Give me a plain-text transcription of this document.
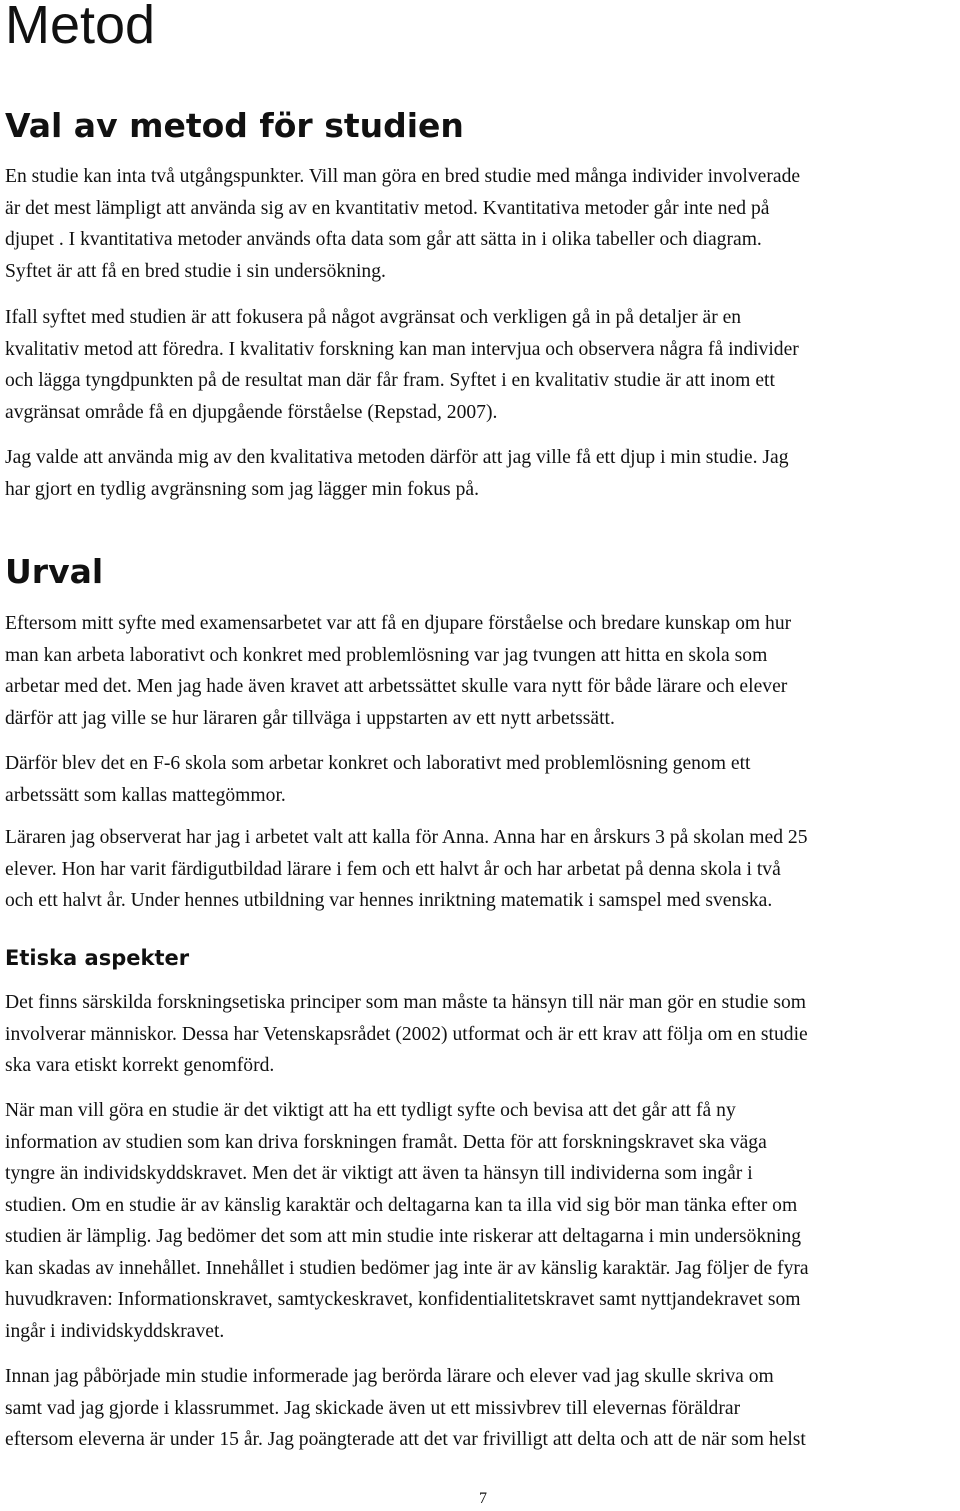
Metod
Val av metod för studien
En studie kan inta två utgångspunkter. Vill man göra en bred studie med många individer involverade
är det mest lämpligt att använda sig av en kvantitativ metod. Kvantitativa metoder går inte ned på
djupet . I kvantitativa metoder används ofta data som går att sätta in i olika tabeller och diagram.
Syftet är att få en bred studie i sin undersökning.
Ifall syftet med studien är att fokusera på något avgränsat och verkligen gå in på detaljer är en
kvalitativ metod att föredra. I kvalitativ forskning kan man intervjua och observera några få individer
och lägga tyngdpunkten på de resultat man där får fram. Syftet i en kvalitativ studie är att inom ett
avgränsat område få en djupgående förståelse (Repstad, 2007).
Jag valde att använda mig av den kvalitativa metoden därför att jag ville få ett djup i min studie. Jag
har gjort en tydlig avgränsning som jag lägger min fokus på.
Urval
Eftersom mitt syfte med examensarbetet var att få en djupare förståelse och bredare kunskap om hur
man kan arbeta laborativt och konkret med problemlösning var jag tvungen att hitta en skola som
arbetar med det. Men jag hade även kravet att arbetssättet skulle vara nytt för både lärare och elever
därför att jag ville se hur läraren går tillväga i uppstarten av ett nytt arbetssätt.
Därför blev det en F-6 skola som arbetar konkret och laborativt med problemlösning genom ett
arbetssätt som kallas mattegömmor.
Läraren jag observerat har jag i arbetet valt att kalla för Anna. Anna har en årskurs 3 på skolan med 25
elever. Hon har varit färdigutbildad lärare i fem och ett halvt år och har arbetat på denna skola i två
och ett halvt år. Under hennes utbildning var hennes inriktning matematik i samspel med svenska.
Etiska aspekter
Det finns särskilda forskningsetiska principer som man måste ta hänsyn till när man gör en studie som
involverar människor. Dessa har Vetenskapsrådet (2002) utformat och är ett krav att följa om en studie
ska vara etiskt korrekt genomförd.
När man vill göra en studie är det viktigt att ha ett tydligt syfte och bevisa att det går att få ny
information av studien som kan driva forskningen framåt. Detta för att forskningskravet ska väga
tyngre än individskyddskravet. Men det är viktigt att även ta hänsyn till individerna som ingår i
studien. Om en studie är av känslig karaktär och deltagarna kan ta illa vid sig bör man tänka efter om
studien är lämplig. Jag bedömer det som att min studie inte riskerar att deltagarna i min undersökning
kan skadas av innehållet. Innehållet i studien bedömer jag inte är av känslig karaktär. Jag följer de fyra
huvudkraven: Informationskravet, samtyckeskravet, konfidentialitetskravet samt nyttjandekravet som
ingår i individskyddskravet.
Innan jag påbörjade min studie informerade jag berörda lärare och elever vad jag skulle skriva om
samt vad jag gjorde i klassrummet. Jag skickade även ut ett missivbrev till elevernas föräldrar
eftersom eleverna är under 15 år. Jag poängterade att det var frivilligt att delta och att de när som helst
7
